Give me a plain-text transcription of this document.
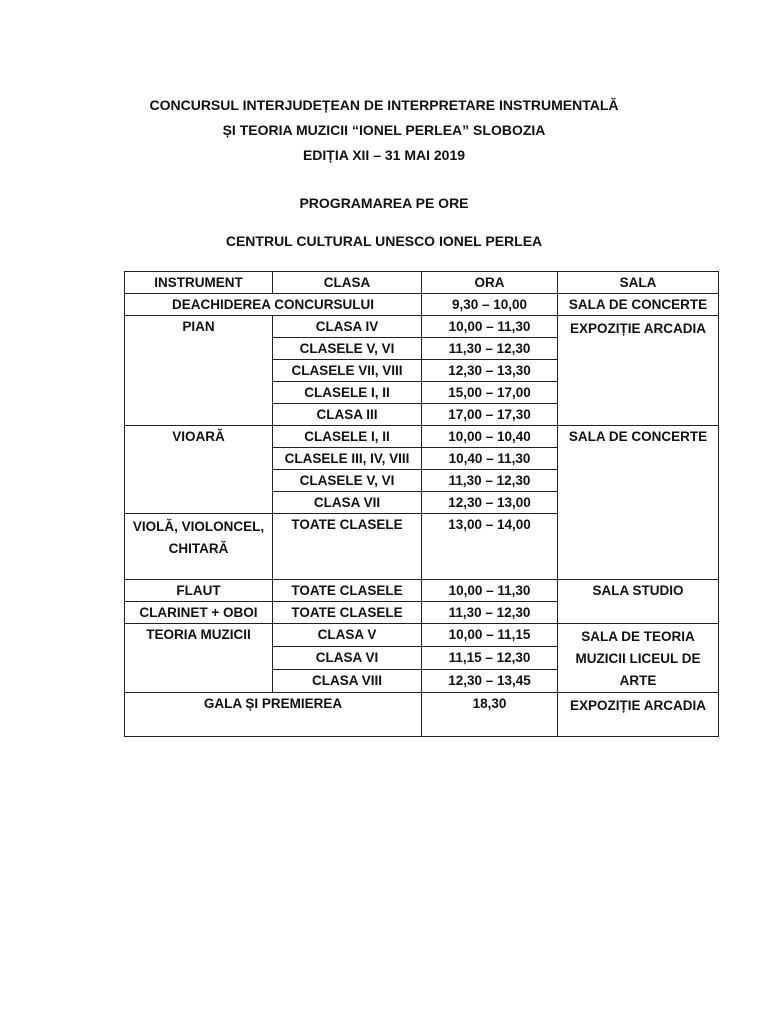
CONCURSUL INTERJUDEȚEAN DE INTERPRETARE INSTRUMENTALĂ
ȘI TEORIA MUZICII “IONEL PERLEA” SLOBOZIA
EDIȚIA XII – 31 MAI 2019
PROGRAMAREA PE ORE
CENTRUL CULTURAL UNESCO IONEL PERLEA
INSTRUMENT	CLASA	ORA	SALA
DEACHIDEREA CONCURSULUI		9,30 – 10,00	SALA DE CONCERTE
PIAN	CLASA IV	10,00 – 11,30	EXPOZIȚIE ARCADIA
	CLASELE V, VI	11,30 – 12,30	
	CLASELE VII, VIII	12,30 – 13,30	
	CLASELE I, II	15,00 – 17,00	
	CLASA III	17,00 – 17,30	
VIOARĂ	CLASELE I, II	10,00 – 10,40	SALA DE CONCERTE
	CLASELE III, IV, VIII	10,40 – 11,30	
	CLASELE V, VI	11,30 – 12,30	
	CLASA VII	12,30 – 13,00	
VIOLĂ, VIOLONCEL, CHITARĂ	TOATE CLASELE	13,00 – 14,00	
FLAUT	TOATE CLASELE	10,00 – 11,30	SALA STUDIO
CLARINET + OBOI	TOATE CLASELE	11,30 – 12,30	
TEORIA MUZICII	CLASA V	10,00 – 11,15	SALA DE TEORIA MUZICII LICEUL DE ARTE
	CLASA VI	11,15 – 12,30	
	CLASA VIII	12,30 – 13,45	
GALA ȘI PREMIEREA		18,30	EXPOZIȚIE ARCADIA
